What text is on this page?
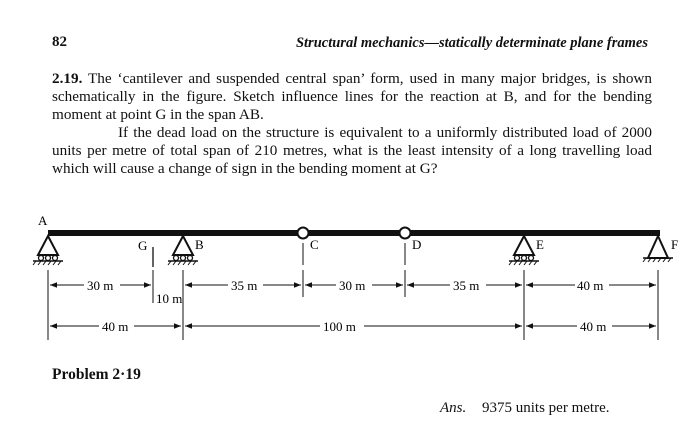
82	Structural mechanics—statically determinate plane frames

2.19. The ‘cantilever and suspended central span’ form, used in many major bridges, is shown schematically in the figure. Sketch influence lines for the reaction at B, and for the bending moment at point G in the span AB.

If the dead load on the structure is equivalent to a uniformly distributed load of 2000 units per metre of total span of 210 metres, what is the least intensity of a long travelling load which will cause a change of sign in the bending moment at G?

A
G	B	C	D	E	F
30 m
10 m
35 m	30 m	35 m	40 m
40 m	100 m	40 m
Problem 2·19
Ans. 9375 units per metre.
